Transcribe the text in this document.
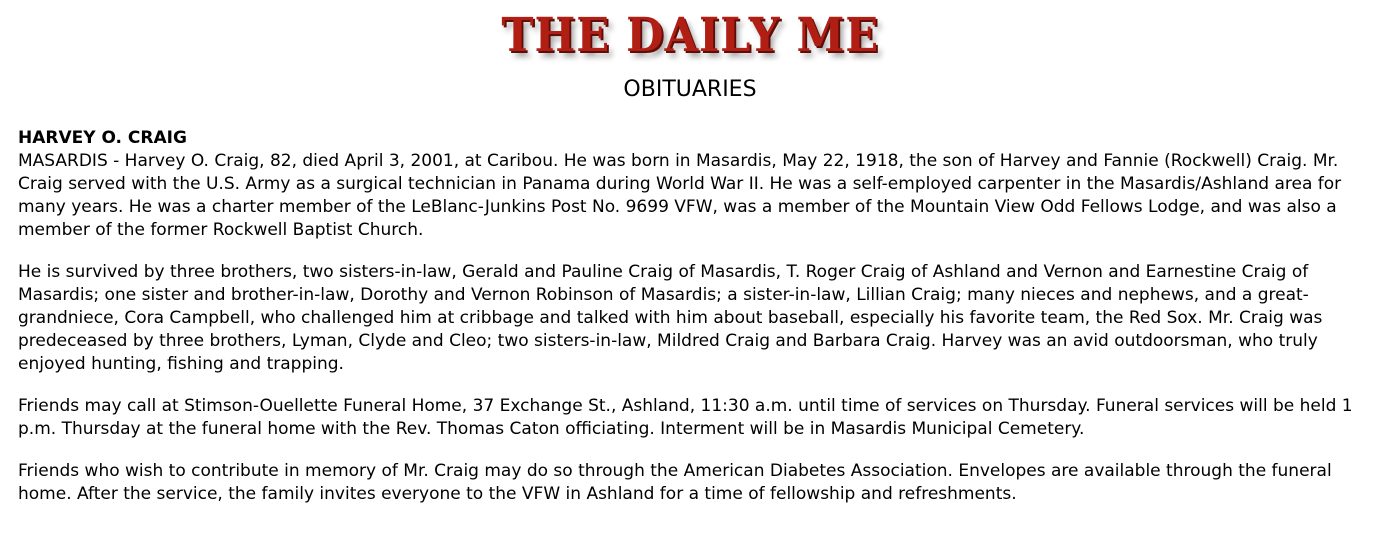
THE DAILY ME
OBITUARIES
HARVEY O. CRAIG

MASARDIS - Harvey O. Craig, 82, died April 3, 2001, at Caribou. He was born in Masardis, May 22, 1918, the son of Harvey and Fannie (Rockwell) Craig. Mr. Craig served with the U.S. Army as a surgical technician in Panama during World War II. He was a self-employed carpenter in the Masardis/Ashland area for many years. He was a charter member of the LeBlanc-Junkins Post No. 9699 VFW, was a member of the Mountain View Odd Fellows Lodge, and was also a member of the former Rockwell Baptist Church.

He is survived by three brothers, two sisters-in-law, Gerald and Pauline Craig of Masardis, T. Roger Craig of Ashland and Vernon and Earnestine Craig of Masardis; one sister and brother-in-law, Dorothy and Vernon Robinson of Masardis; a sister-in-law, Lillian Craig; many nieces and nephews, and a great-grandniece, Cora Campbell, who challenged him at cribbage and talked with him about baseball, especially his favorite team, the Red Sox. Mr. Craig was predeceased by three brothers, Lyman, Clyde and Cleo; two sisters-in-law, Mildred Craig and Barbara Craig. Harvey was an avid outdoorsman, who truly enjoyed hunting, fishing and trapping.

Friends may call at Stimson-Ouellette Funeral Home, 37 Exchange St., Ashland, 11:30 a.m. until time of services on Thursday. Funeral services will be held 1 p.m. Thursday at the funeral home with the Rev. Thomas Caton officiating. Interment will be in Masardis Municipal Cemetery.

Friends who wish to contribute in memory of Mr. Craig may do so through the American Diabetes Association. Envelopes are available through the funeral home. After the service, the family invites everyone to the VFW in Ashland for a time of fellowship and refreshments.
